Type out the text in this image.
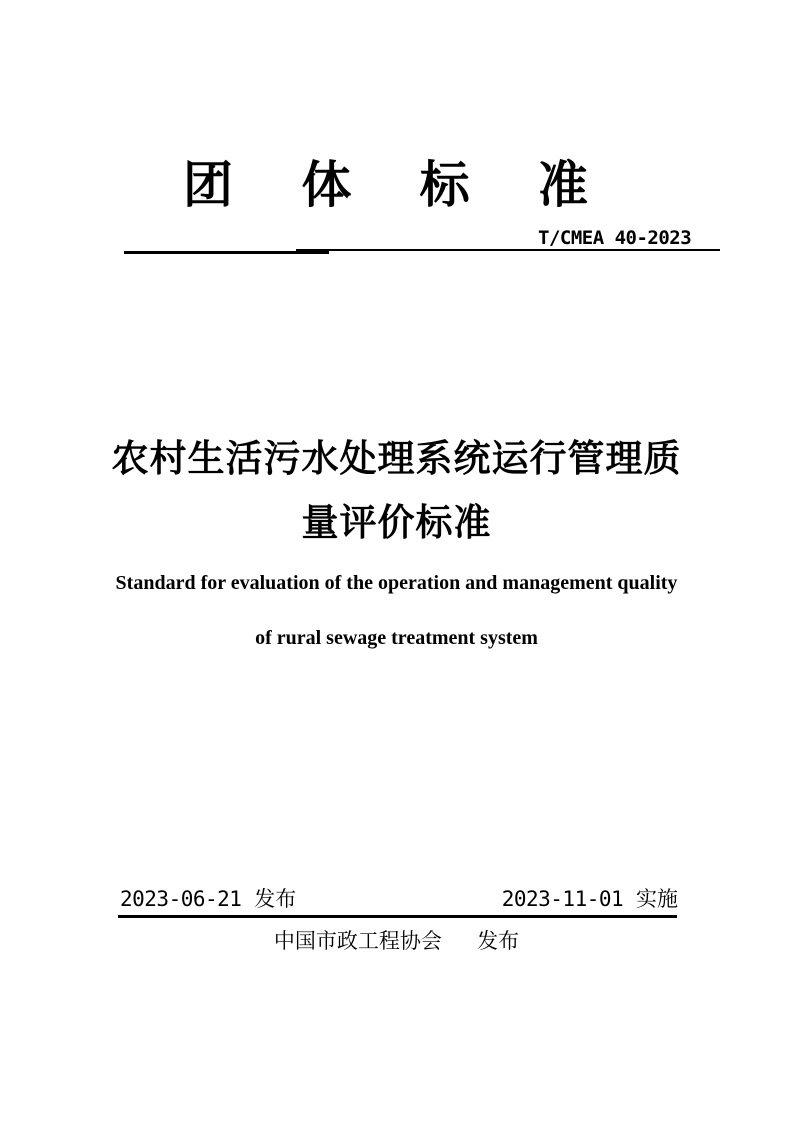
团 体 标 准
T/CMEA 40-2023
农村生活污水处理系统运行管理质
量评价标准
Standard for evaluation of the operation and management quality
of rural sewage treatment system
2023-06-21 发布	2023-11-01 实施
中国市政工程协会 发布
